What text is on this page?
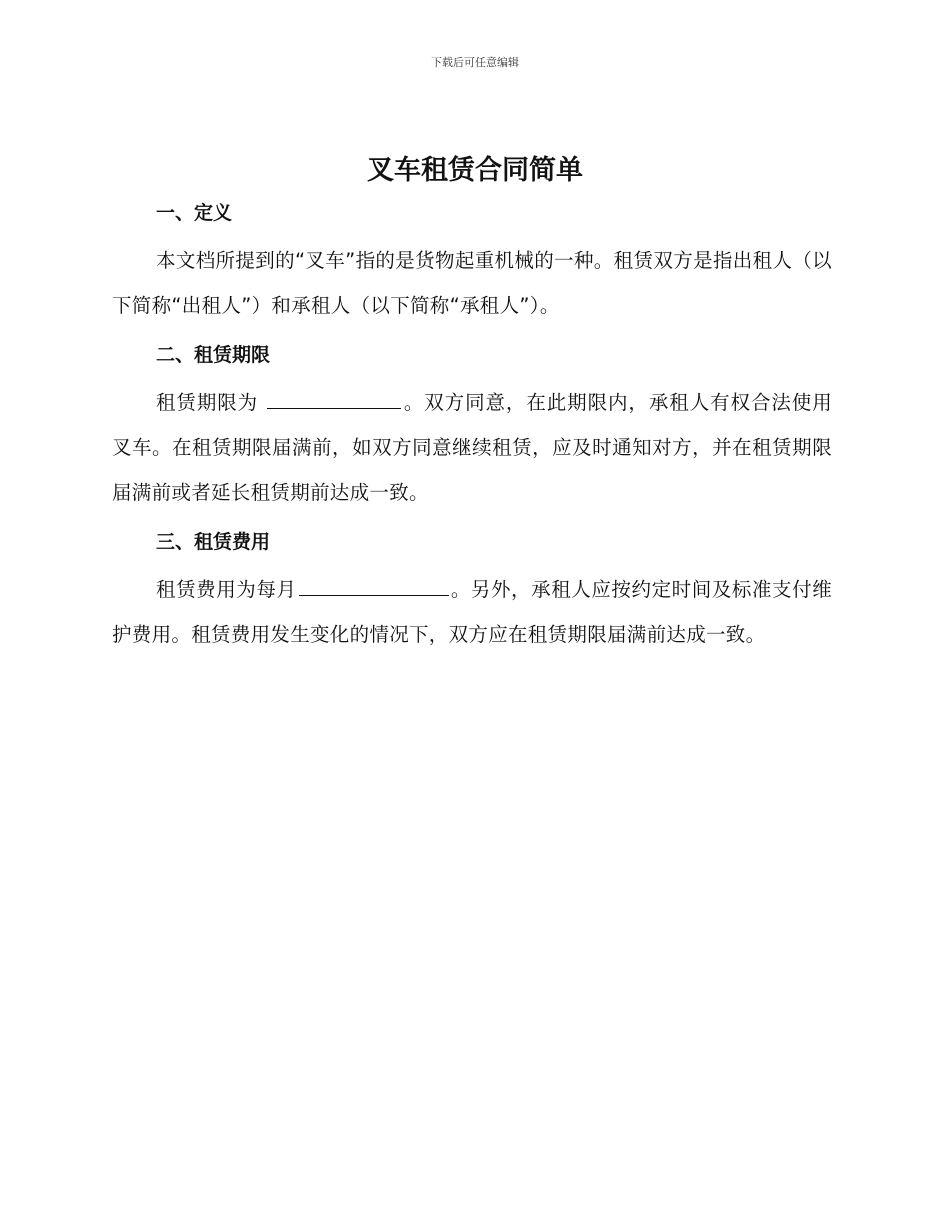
下载后可任意编辑
叉车租赁合同简单
一、定义

本文档所提到的“叉车”指的是货物起重机械的一种。租赁双方是指出租人（以下简称“出租人”）和承租人（以下简称“承租人”）。

二、租赁期限

租赁期限为	。双方同意，在此期限内，承租人有权合法使用叉车。在租赁期限届满前，如双方同意继续租赁，应及时通知对方，并在租赁期限届满前或者延长租赁期前达成一致。

三、租赁费用

租赁费用为每月	。另外，承租人应按约定时间及标准支付维护费用。租赁费用发生变化的情况下，双方应在租赁期限届满前达成一致。
